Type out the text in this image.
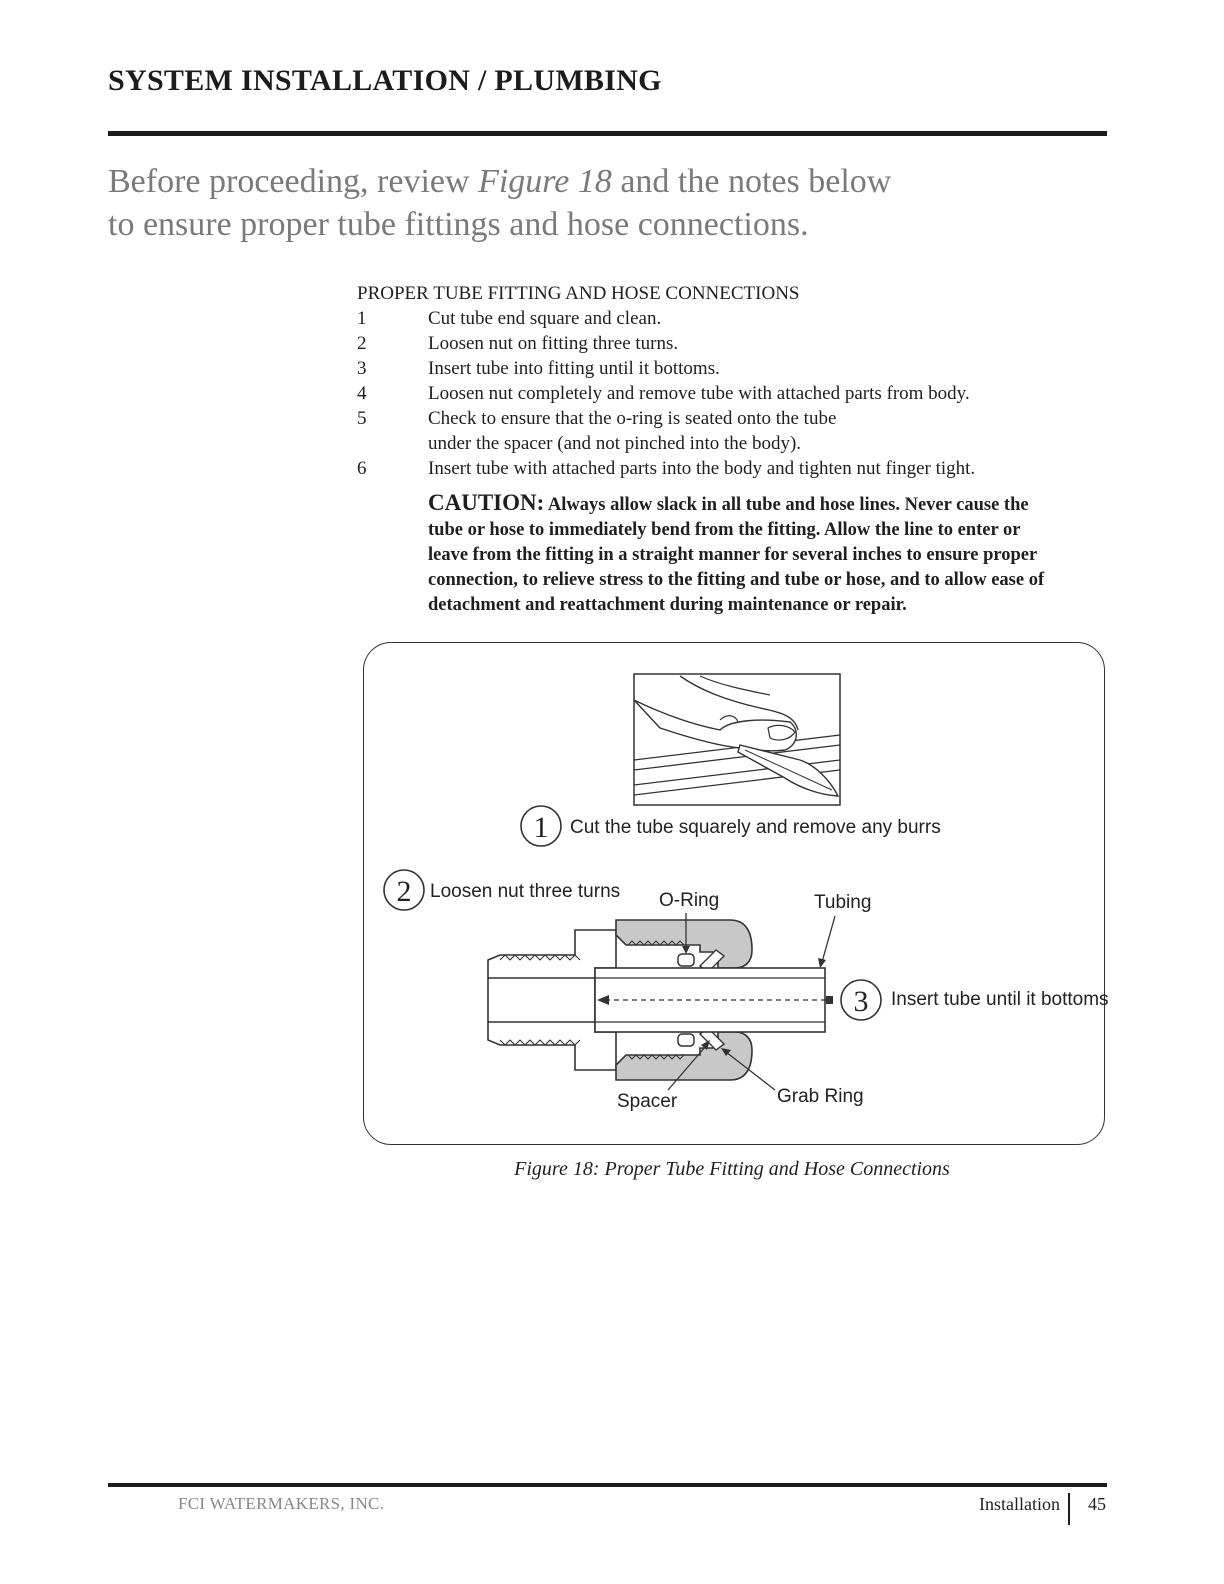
SYSTEM INSTALLATION / PLUMBING
Before proceeding, review Figure 18 and the notes below
to ensure proper tube fittings and hose connections.
PROPER TUBE FITTING AND HOSE CONNECTIONS
1	Cut tube end square and clean.
2	Loosen nut on fitting three turns.
3	Insert tube into fitting until it bottoms.
4	Loosen nut completely and remove tube with attached parts from body.
5	Check to ensure that the o-ring is seated onto the tube
under the spacer (and not pinched into the body).
6	Insert tube with attached parts into the body and tighten nut finger tight.
CAUTION: Always allow slack in all tube and hose lines. Never cause the tube or hose to immediately bend from the fitting. Allow the line to enter or leave from the fitting in a straight manner for several inches to ensure proper connection, to relieve stress to the fitting and tube or hose, and to allow ease of detachment and reattachment during maintenance or repair.
1 Cut the tube squarely and remove any burrs
2 Loosen nut three turns O-Ring	Tubing
Spacer	Grab Ring
3 Insert tube until it bottoms
Figure 18: Proper Tube Fitting and Hose Connections
FCI WATERMAKERS, INC.	Installation 45
